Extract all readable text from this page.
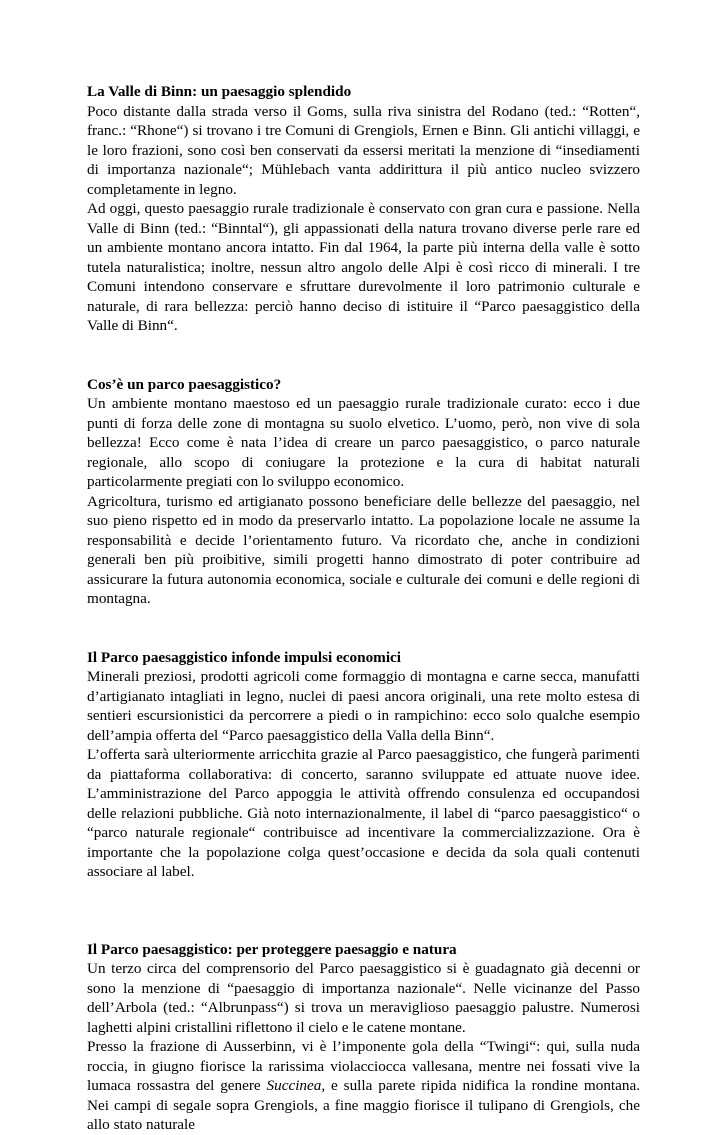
La Valle di Binn: un paesaggio splendido

Poco distante dalla strada verso il Goms, sulla riva sinistra del Rodano (ted.: “Rotten“, franc.: “Rhone“) si trovano i tre Comuni di Grengiols, Ernen e Binn. Gli antichi villaggi, e le loro frazioni, sono così ben conservati da essersi meritati la menzione di “insediamenti di importanza nazionale“; Mühlebach vanta addirittura il più antico nucleo svizzero completamente in legno.

Ad oggi, questo paesaggio rurale tradizionale è conservato con gran cura e passione. Nella Valle di Binn (ted.: “Binntal“), gli appassionati della natura trovano diverse perle rare ed un ambiente montano ancora intatto. Fin dal 1964, la parte più interna della valle è sotto tutela naturalistica; inoltre, nessun altro angolo delle Alpi è così ricco di minerali. I tre Comuni intendono conservare e sfruttare durevolmente il loro patrimonio culturale e naturale, di rara bellezza: perciò hanno deciso di istituire il “Parco paesaggistico della Valle di Binn“.

Cos’è un parco paesaggistico?

Un ambiente montano maestoso ed un paesaggio rurale tradizionale curato: ecco i due punti di forza delle zone di montagna su suolo elvetico. L’uomo, però, non vive di sola bellezza! Ecco come è nata l’idea di creare un parco paesaggistico, o parco naturale regionale, allo scopo di coniugare la protezione e la cura di habitat naturali particolarmente pregiati con lo sviluppo economico.

Agricoltura, turismo ed artigianato possono beneficiare delle bellezze del paesaggio, nel suo pieno rispetto ed in modo da preservarlo intatto. La popolazione locale ne assume la responsabilità e decide l’orientamento futuro. Va ricordato che, anche in condizioni generali ben più proibitive, simili progetti hanno dimostrato di poter contribuire ad assicurare la futura autonomia economica, sociale e culturale dei comuni e delle regioni di montagna.

Il Parco paesaggistico infonde impulsi economici

Minerali preziosi, prodotti agricoli come formaggio di montagna e carne secca, manufatti d’artigianato intagliati in legno, nuclei di paesi ancora originali, una rete molto estesa di sentieri escursionistici da percorrere a piedi o in rampichino: ecco solo qualche esempio dell’ampia offerta del “Parco paesaggistico della Valla della Binn“.

L’offerta sarà ulteriormente arricchita grazie al Parco paesaggistico, che fungerà parimenti da piattaforma collaborativa: di concerto, saranno sviluppate ed attuate nuove idee. L’amministrazione del Parco appoggia le attività offrendo consulenza ed occupandosi delle relazioni pubbliche. Già noto internazionalmente, il label di “parco paesaggistico“ o “parco naturale regionale“ contribuisce ad incentivare la commercializzazione. Ora è importante che la popolazione colga quest’occasione e decida da sola quali contenuti associare al label.

Il Parco paesaggistico: per proteggere paesaggio e natura

Un terzo circa del comprensorio del Parco paesaggistico si è guadagnato già decenni or sono la menzione di “paesaggio di importanza nazionale“. Nelle vicinanze del Passo dell’Arbola (ted.: “Albrunpass“) si trova un meraviglioso paesaggio palustre. Numerosi laghetti alpini cristallini riflettono il cielo e le catene montane.

Presso la frazione di Ausserbinn, vi è l’imponente gola della “Twingi“: qui, sulla nuda roccia, in giugno fiorisce la rarissima violacciocca vallesana, mentre nei fossati vive la lumaca rossastra del genere Succinea, e sulla parete ripida nidifica la rondine montana. Nei campi di segale sopra Grengiols, a fine maggio fiorisce il tulipano di Grengiols, che allo stato naturale
